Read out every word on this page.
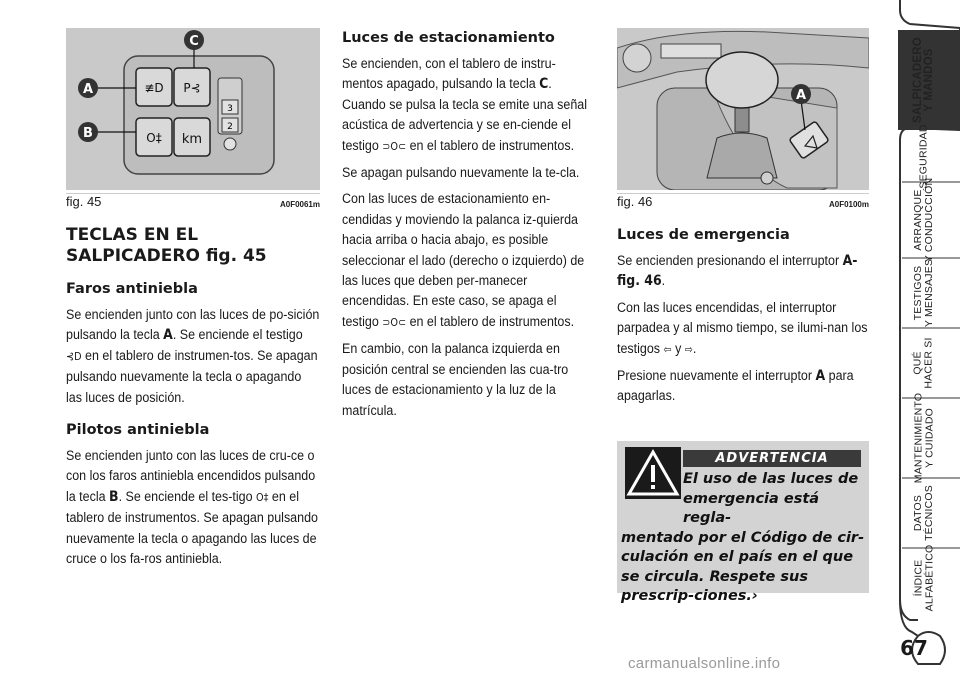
≢D P⊰
O‡ km
3
2
A
B
C
fig. 45	A0F0061m
TECLAS EN EL SALPICADERO fig. 45
Faros antiniebla

Se encienden junto con las luces de po-sición pulsando la tecla A. Se enciende el testigo ⊰D en el tablero de instrumen-tos. Se apagan pulsando nuevamente la tecla o apagando las luces de posición.

Pilotos antiniebla

Se encienden junto con las luces de cru-ce o con los faros antiniebla encendidos pulsando la tecla B. Se enciende el tes-tigo O‡ en el tablero de instrumentos. Se apagan pulsando nuevamente la tecla o apagando las luces de cruce o los fa-ros antiniebla.

Luces de estacionamiento

Se encienden, con el tablero de instru-mentos apagado, pulsando la tecla C. Cuando se pulsa la tecla se emite una señal acústica de advertencia y se en-ciende el testigo ⊃O⊂ en el tablero de instrumentos.

Se apagan pulsando nuevamente la te-cla.

Con las luces de estacionamiento en-cendidas y moviendo la palanca iz-quierda hacia arriba o hacia abajo, es posible seleccionar el lado (derecho o izquierdo) de las luces que deben per-manecer encendidas. En este caso, se apaga el testigo ⊃O⊂ en el tablero de instrumentos.

En cambio, con la palanca izquierda en posición central se encienden las cua-tro luces de estacionamiento y la luz de la matrícula.

A
fig. 46	A0F0100m
Luces de emergencia

Se encienden presionando el interruptor A-fig. 46.

Con las luces encendidas, el interruptor parpadea y al mismo tiempo, se ilumi-nan los testigos ⇦ y ⇨.

Presione nuevamente el interruptor A para apagarlas.

ADVERTENCIA
El uso de las luces de
emergencia está regla-
mentado por el Código de cir-culación en el país en el que se circula. Respete sus prescrip-ciones.›
SALPICADERO
Y MANDOS
SEGURIDAD
ARRANQUE
Y CONDUCCIÓN
TESTIGOS
Y MENSAJES
QUÉ
HACER SI
MANTENIMIENTO
Y CUIDADO
DATOS
TÉCNICOS
ÍNDICE
ALFABÉTICO
67
carmanualsonline.info
